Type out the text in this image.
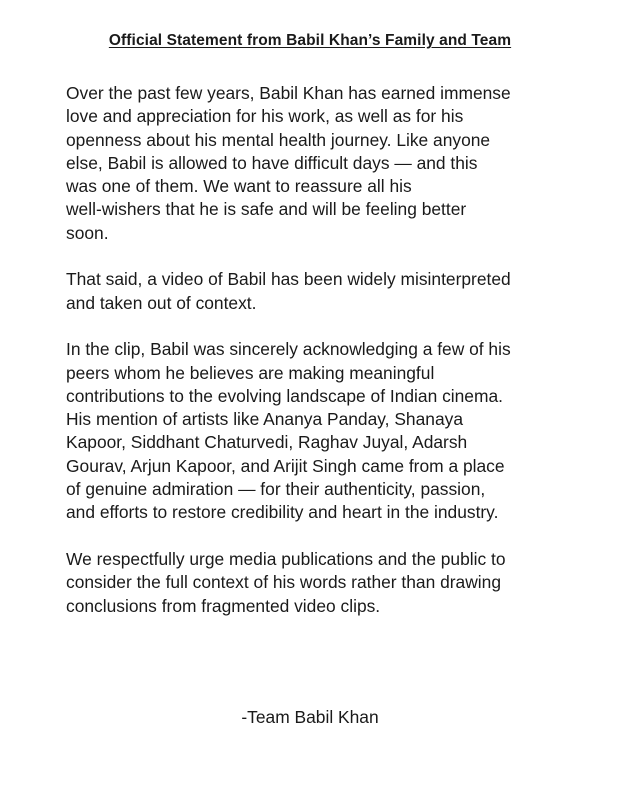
Official Statement from Babil Khan’s Family and Team

Over the past few years, Babil Khan has earned immense
love and appreciation for his work, as well as for his
openness about his mental health journey. Like anyone
else, Babil is allowed to have difficult days — and this
was one of them. We want to reassure all his
well-wishers that he is safe and will be feeling better
soon.

That said, a video of Babil has been widely misinterpreted
and taken out of context.

In the clip, Babil was sincerely acknowledging a few of his
peers whom he believes are making meaningful
contributions to the evolving landscape of Indian cinema.
His mention of artists like Ananya Panday, Shanaya
Kapoor, Siddhant Chaturvedi, Raghav Juyal, Adarsh
Gourav, Arjun Kapoor, and Arijit Singh came from a place
of genuine admiration — for their authenticity, passion,
and efforts to restore credibility and heart in the industry.

We respectfully urge media publications and the public to
consider the full context of his words rather than drawing
conclusions from fragmented video clips.

-Team Babil Khan
